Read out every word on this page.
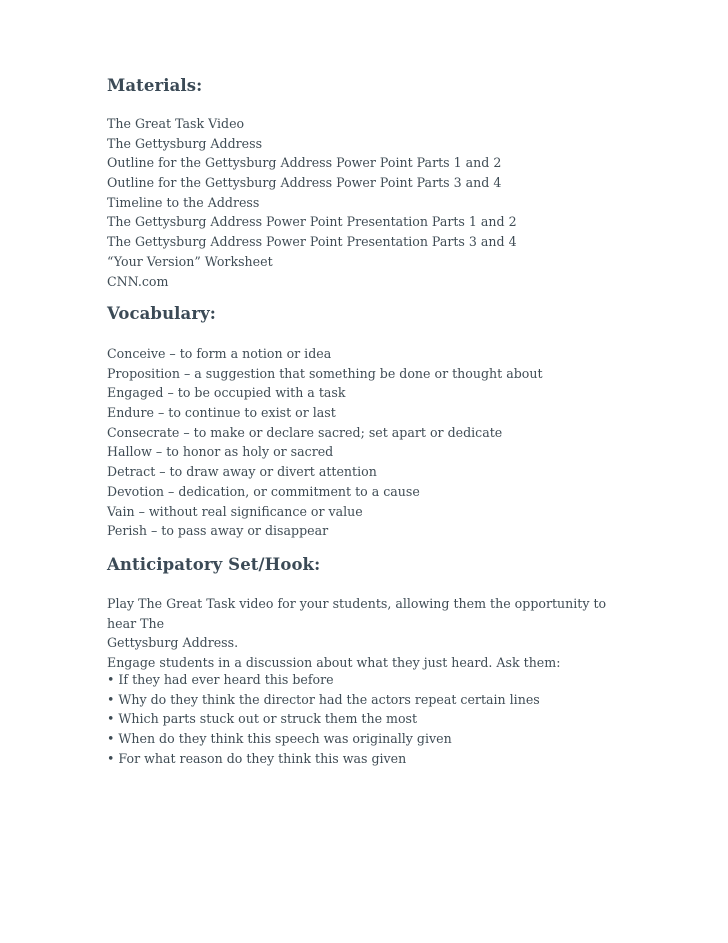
Materials:
The Great Task Video
The Gettysburg Address
Outline for the Gettysburg Address Power Point Parts 1 and 2
Outline for the Gettysburg Address Power Point Parts 3 and 4
Timeline to the Address
The Gettysburg Address Power Point Presentation Parts 1 and 2
The Gettysburg Address Power Point Presentation Parts 3 and 4
“Your Version” Worksheet
CNN.com
Vocabulary:
Conceive – to form a notion or idea
Proposition – a suggestion that something be done or thought about
Engaged – to be occupied with a task
Endure – to continue to exist or last
Consecrate – to make or declare sacred; set apart or dedicate
Hallow – to honor as holy or sacred
Detract – to draw away or divert attention
Devotion – dedication, or commitment to a cause
Vain – without real significance or value
Perish – to pass away or disappear
Anticipatory Set/Hook:
Play The Great Task video for your students, allowing them the opportunity to hear The
Gettysburg Address.
Engage students in a discussion about what they just heard. Ask them:
• If they had ever heard this before
• Why do they think the director had the actors repeat certain lines
• Which parts stuck out or struck them the most
• When do they think this speech was originally given
• For what reason do they think this was given
